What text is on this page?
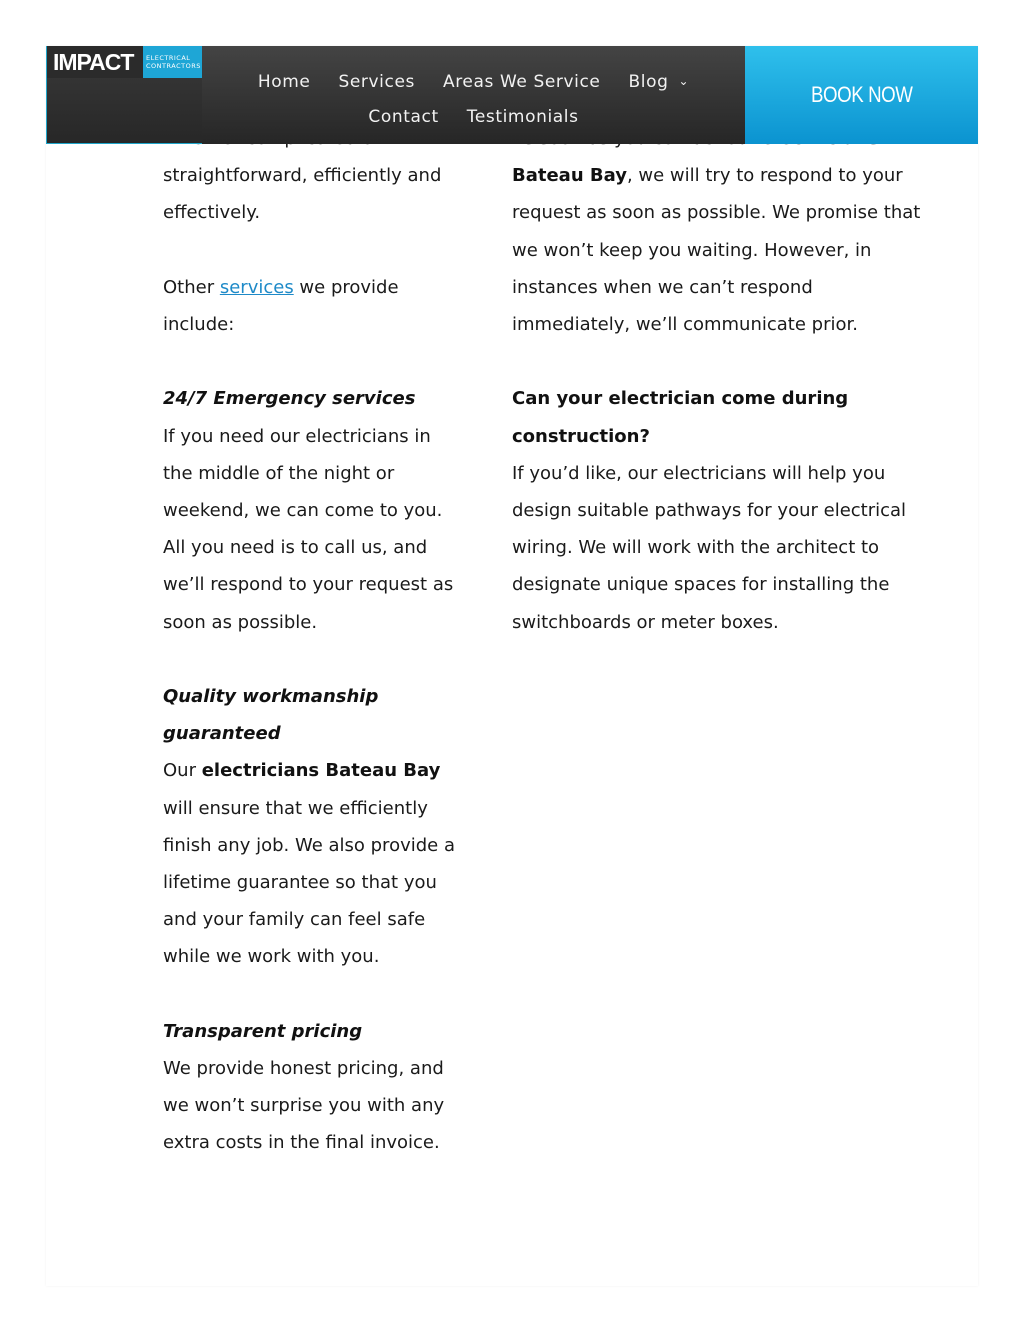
straightforward, efficiently and
effectively.

Other services we provide include:

24/7 Emergency services

If you need our electricians in the middle of the night or weekend, we can come to you. All you need is to call us, and we’ll respond to your request as soon as possible.

Quality workmanship guaranteed

Our electricians Bateau Bay will ensure that we efficiently finish any job. We also provide a lifetime guarantee so that you and your family can feel safe while we work with you.

Transparent pricing

We provide honest pricing, and we won’t surprise you with any extra costs in the final invoice.

Bateau Bay, we will try to respond to your request as soon as possible. We promise that we won’t keep you waiting. However, in instances when we can’t respond immediately, we’ll communicate prior.

Can your electrician come during construction?

If you’d like, our electricians will help you design suitable pathways for your electrical wiring. We will work with the architect to designate unique spaces for installing the switchboards or meter boxes.

IMPACT	ELECTRICAL
CONTRACTORS
Home Services Areas We Service Blog ⌄
Contact Testimonials
BOOK NOW
